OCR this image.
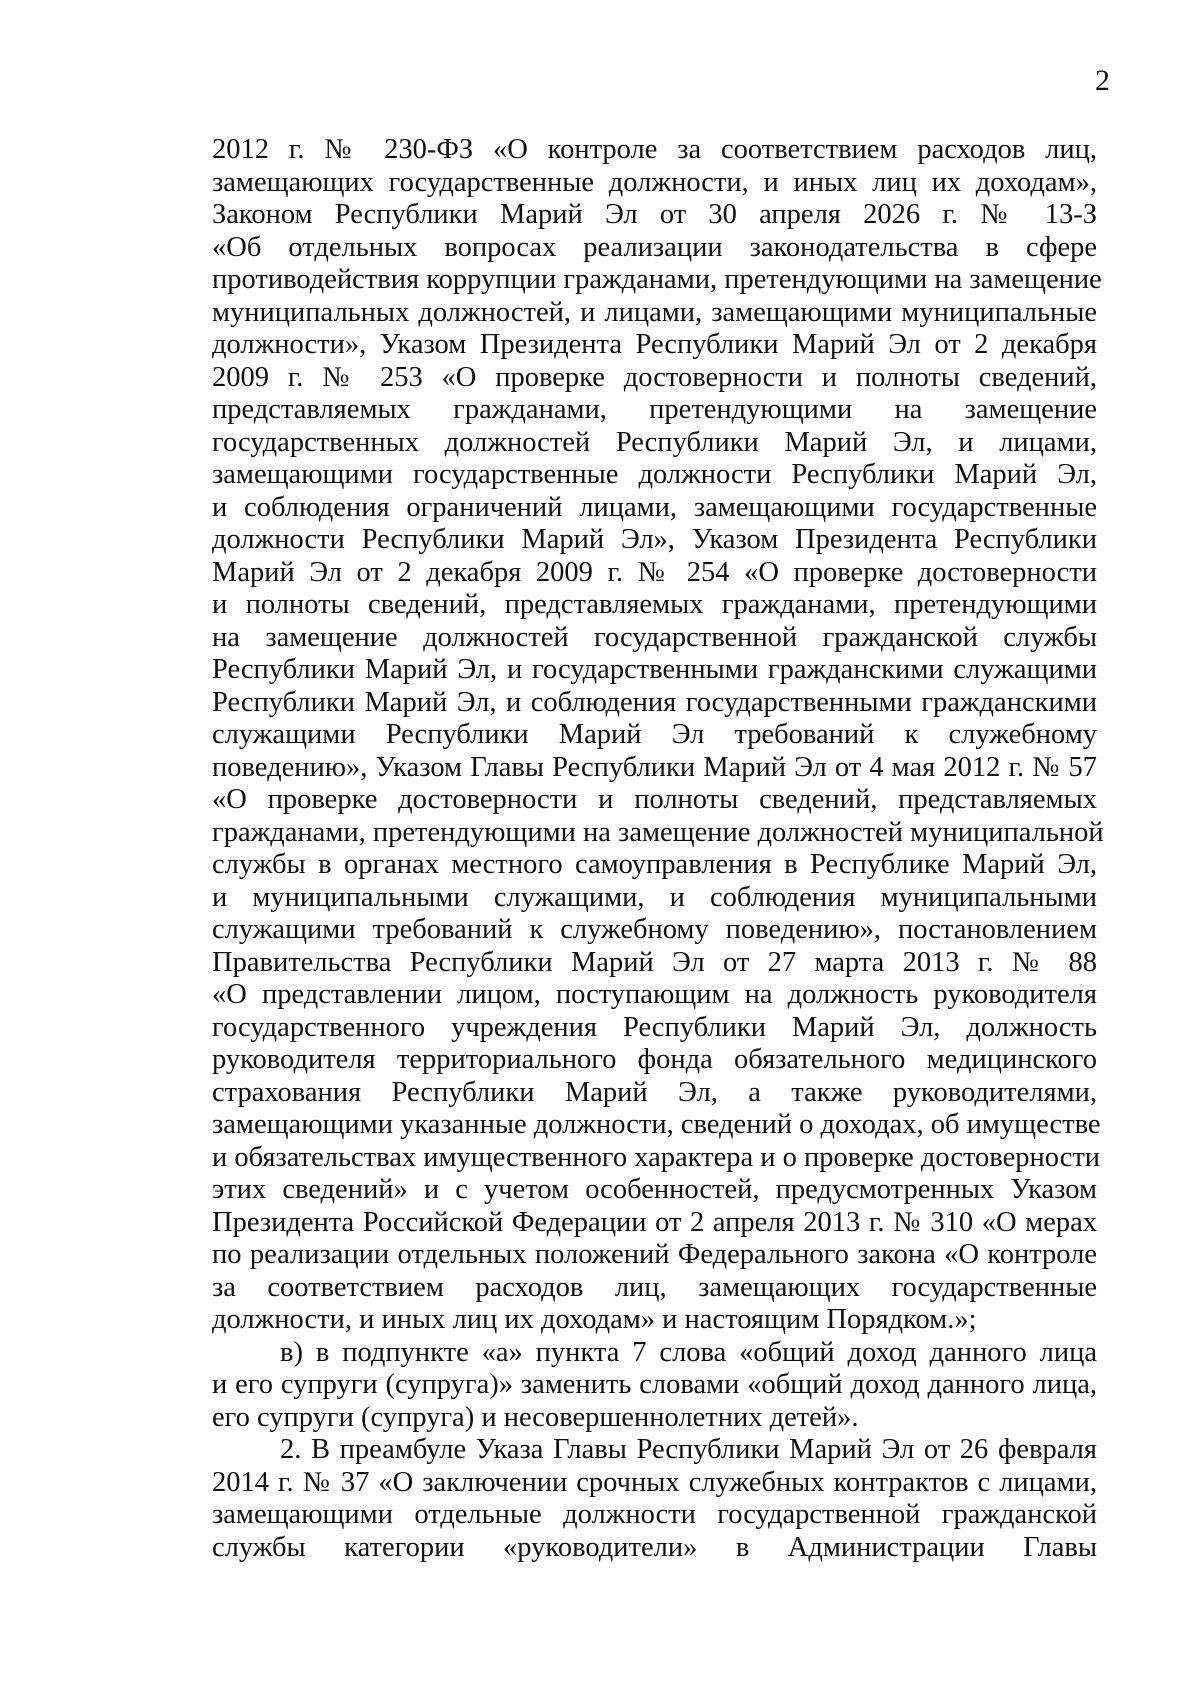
2
2012 г. № 230-ФЗ «О контроле за соответствием расходов лиц,
замещающих государственные должности, и иных лиц их доходам»,
Законом Республики Марий Эл от 30 апреля 2026 г. № 13-З
«Об отдельных вопросах реализации законодательства в сфере
противодействия коррупции гражданами, претендующими на замещение
муниципальных должностей, и лицами, замещающими муниципальные
должности», Указом Президента Республики Марий Эл от 2 декабря
2009 г. № 253 «О проверке достоверности и полноты сведений,
представляемых гражданами, претендующими на замещение
государственных должностей Республики Марий Эл, и лицами,
замещающими государственные должности Республики Марий Эл,
и соблюдения ограничений лицами, замещающими государственные
должности Республики Марий Эл», Указом Президента Республики
Марий Эл от 2 декабря 2009 г. № 254 «О проверке достоверности
и полноты сведений, представляемых гражданами, претендующими
на замещение должностей государственной гражданской службы
Республики Марий Эл, и государственными гражданскими служащими
Республики Марий Эл, и соблюдения государственными гражданскими
служащими Республики Марий Эл требований к служебному
поведению», Указом Главы Республики Марий Эл от 4 мая 2012 г. № 57
«О проверке достоверности и полноты сведений, представляемых
гражданами, претендующими на замещение должностей муниципальной
службы в органах местного самоуправления в Республике Марий Эл,
и муниципальными служащими, и соблюдения муниципальными
служащими требований к служебному поведению», постановлением
Правительства Республики Марий Эл от 27 марта 2013 г. № 88
«О представлении лицом, поступающим на должность руководителя
государственного учреждения Республики Марий Эл, должность
руководителя территориального фонда обязательного медицинского
страхования Республики Марий Эл, а также руководителями,
замещающими указанные должности, сведений о доходах, об имуществе
и обязательствах имущественного характера и о проверке достоверности
этих сведений» и с учетом особенностей, предусмотренных Указом
Президента Российской Федерации от 2 апреля 2013 г. № 310 «О мерах
по реализации отдельных положений Федерального закона «О контроле
за соответствием расходов лиц, замещающих государственные
должности, и иных лиц их доходам» и настоящим Порядком.»;
в) в подпункте «а» пункта 7 слова «общий доход данного лица
и его супруги (супруга)» заменить словами «общий доход данного лица,
его супруги (супруга) и несовершеннолетних детей».
2. В преамбуле Указа Главы Республики Марий Эл от 26 февраля
2014 г. № 37 «О заключении срочных служебных контрактов с лицами,
замещающими отдельные должности государственной гражданской
службы категории «руководители» в Администрации Главы
